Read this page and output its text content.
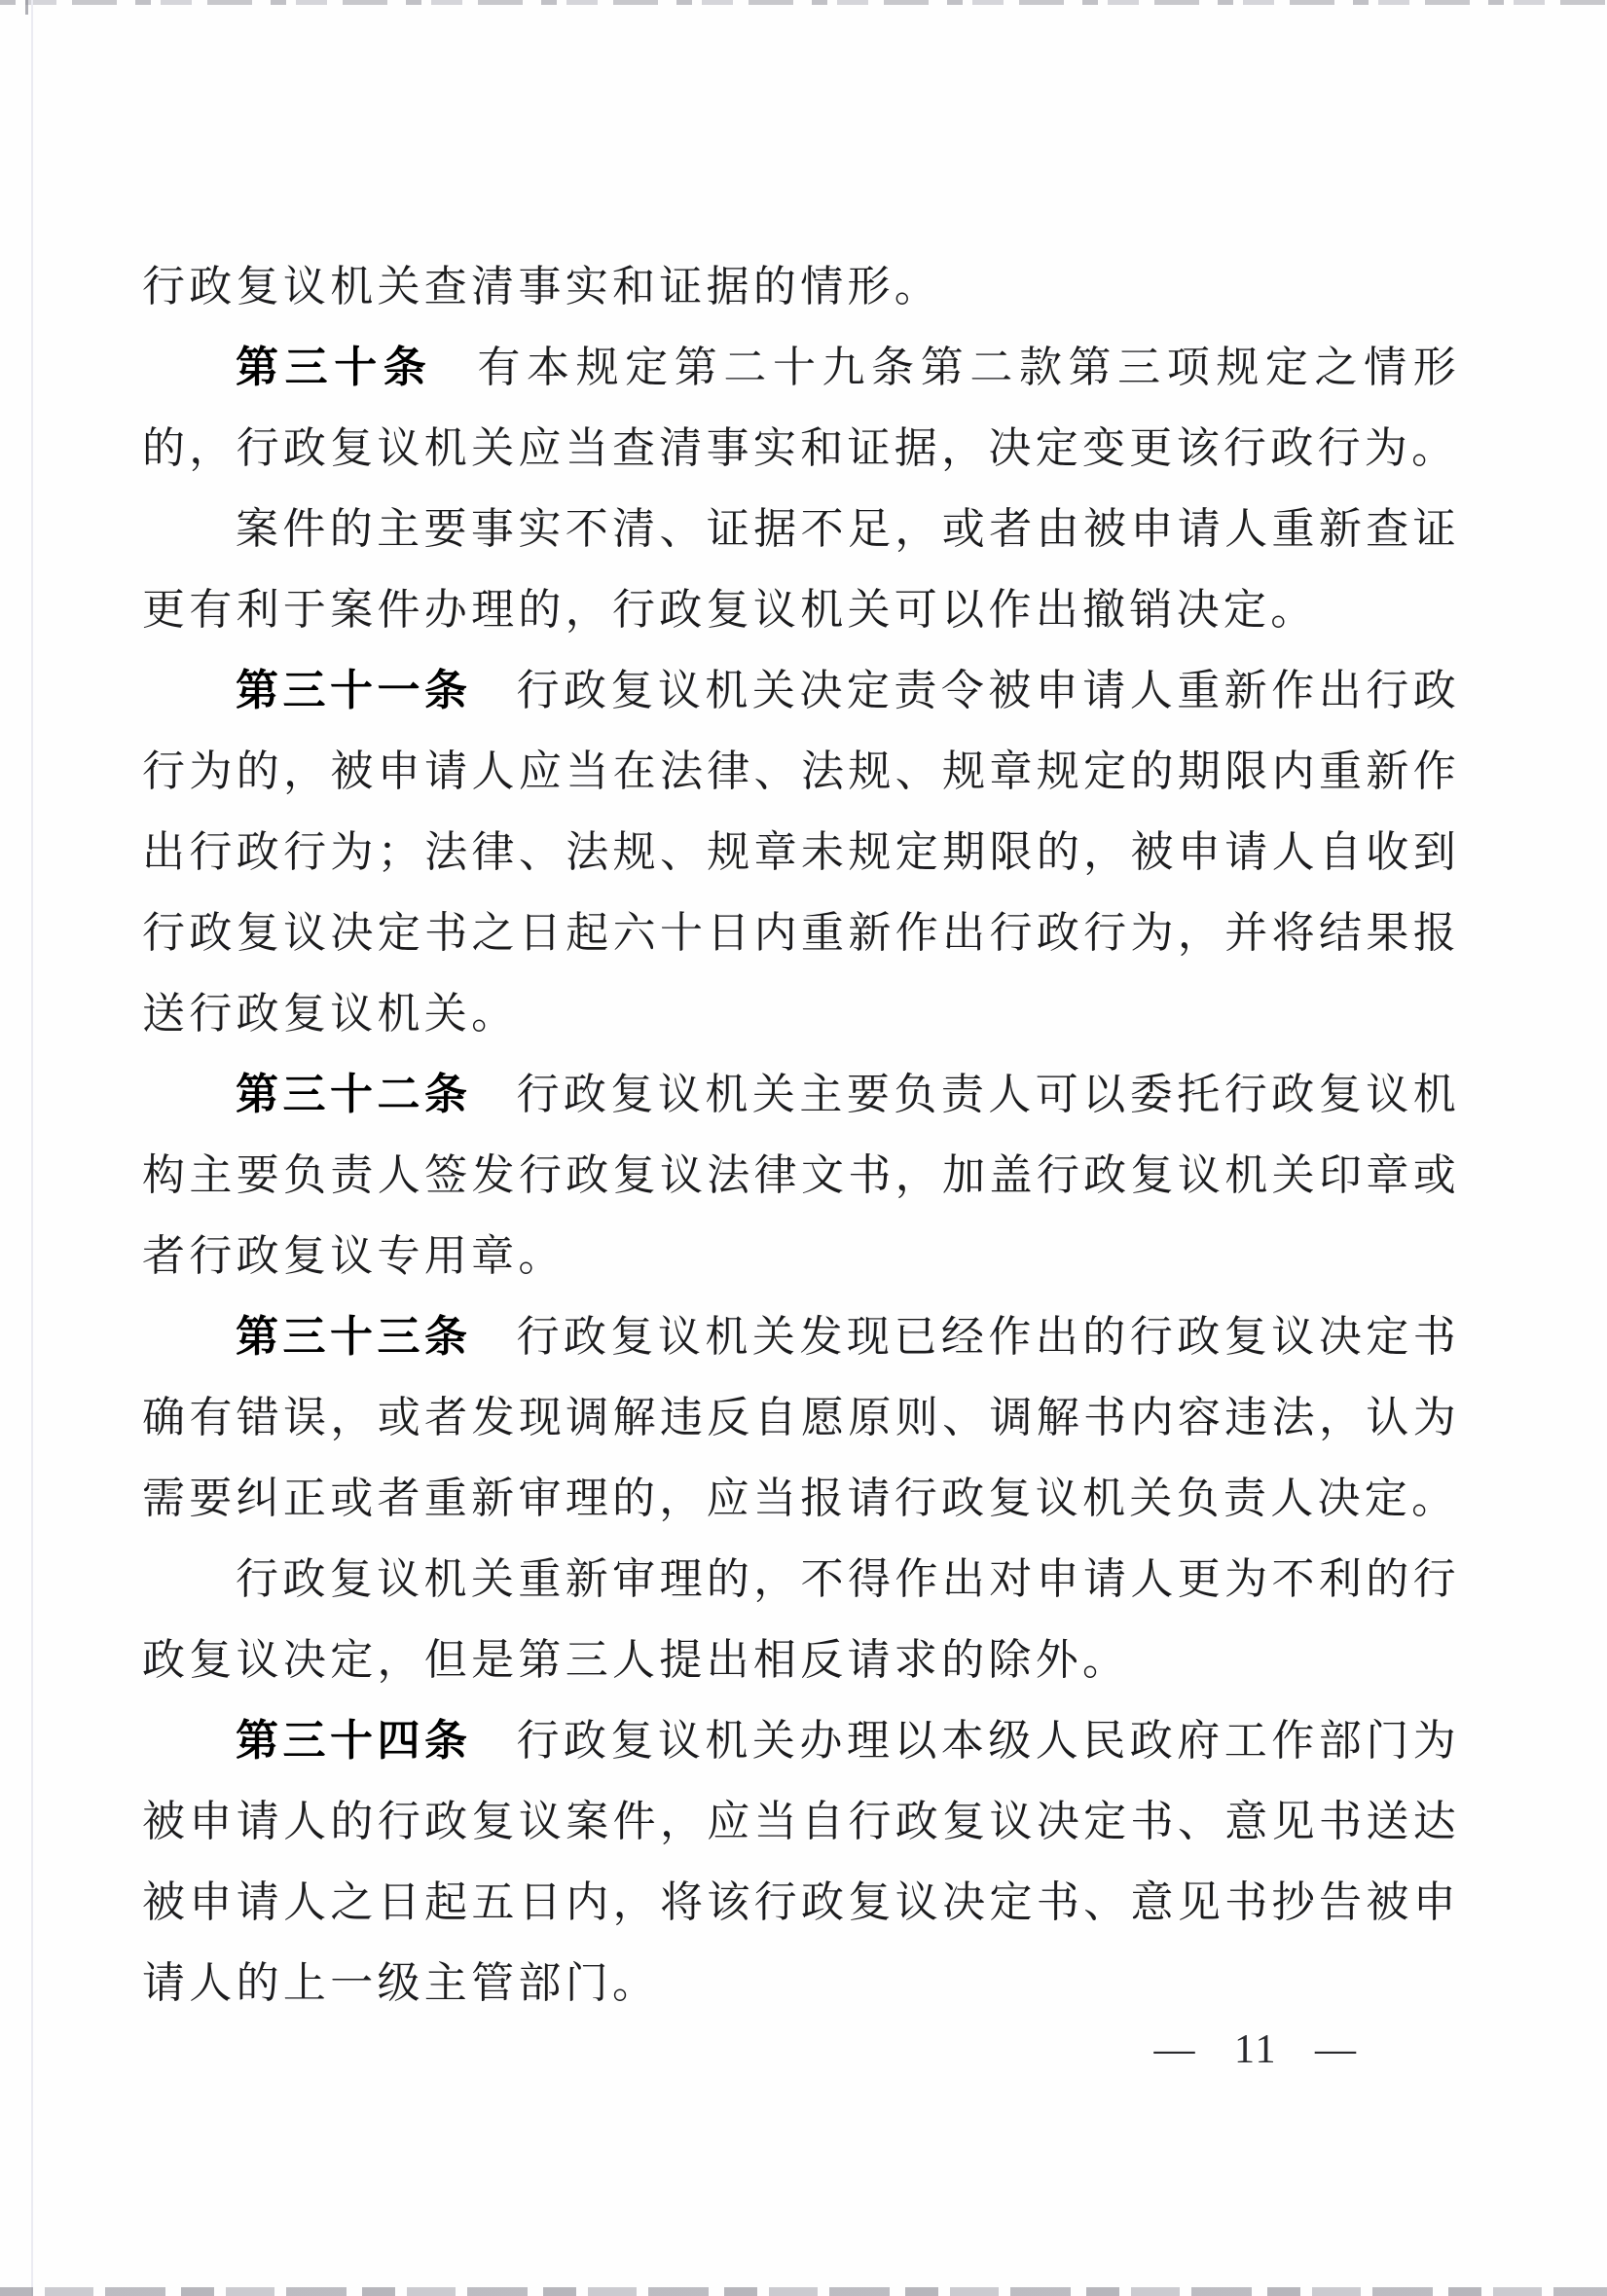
行政复议机关查清事实和证据的情形。

第三十条 有本规定第二十九条第二款第三项规定之情形的，行政复议机关应当查清事实和证据，决定变更该行政行为。

案件的主要事实不清、证据不足，或者由被申请人重新查证更有利于案件办理的，行政复议机关可以作出撤销决定。

第三十一条 行政复议机关决定责令被申请人重新作出行政行为的，被申请人应当在法律、法规、规章规定的期限内重新作出行政行为；法律、法规、规章未规定期限的，被申请人自收到行政复议决定书之日起六十日内重新作出行政行为，并将结果报送行政复议机关。

第三十二条 行政复议机关主要负责人可以委托行政复议机构主要负责人签发行政复议法律文书，加盖行政复议机关印章或者行政复议专用章。

第三十三条 行政复议机关发现已经作出的行政复议决定书确有错误，或者发现调解违反自愿原则、调解书内容违法，认为需要纠正或者重新审理的，应当报请行政复议机关负责人决定。

行政复议机关重新审理的，不得作出对申请人更为不利的行政复议决定，但是第三人提出相反请求的除外。

第三十四条 行政复议机关办理以本级人民政府工作部门为被申请人的行政复议案件，应当自行政复议决定书、意见书送达被申请人之日起五日内，将该行政复议决定书、意见书抄告被申请人的上一级主管部门。

— 11 —
